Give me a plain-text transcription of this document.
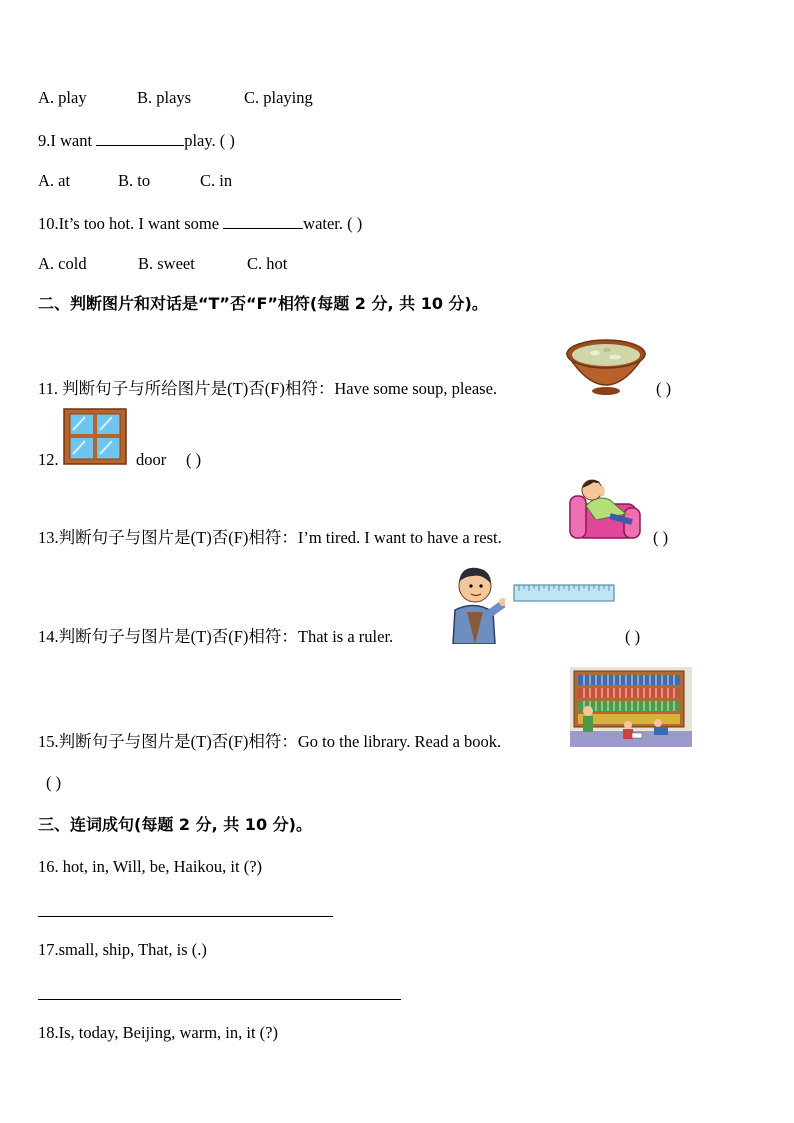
A. play	B. plays	C. playing
9.I want	play. ( )
A. at	B. to	C. in
10.It’s too hot. I want some	water. ( )
A. cold	B. sweet	C. hot
二、判断图片和对话是“T”否“F”相符(每题 2 分, 共 10 分)。
11. 判断句子与所给图片是(T)否(F)相符：Have some soup, please.	( )
12.	door ( )
13.判断句子与图片是(T)否(F)相符：I’m tired. I want to have a rest.	( )
14.判断句子与图片是(T)否(F)相符：That is a ruler.	( )
15.判断句子与图片是(T)否(F)相符：Go to the library. Read a book.
( )
三、连词成句(每题 2 分, 共 10 分)。
16. hot, in, Will, be, Haikou, it (?)
17.small, ship, That, is (.)
18.Is, today, Beijing, warm, in, it (?)
